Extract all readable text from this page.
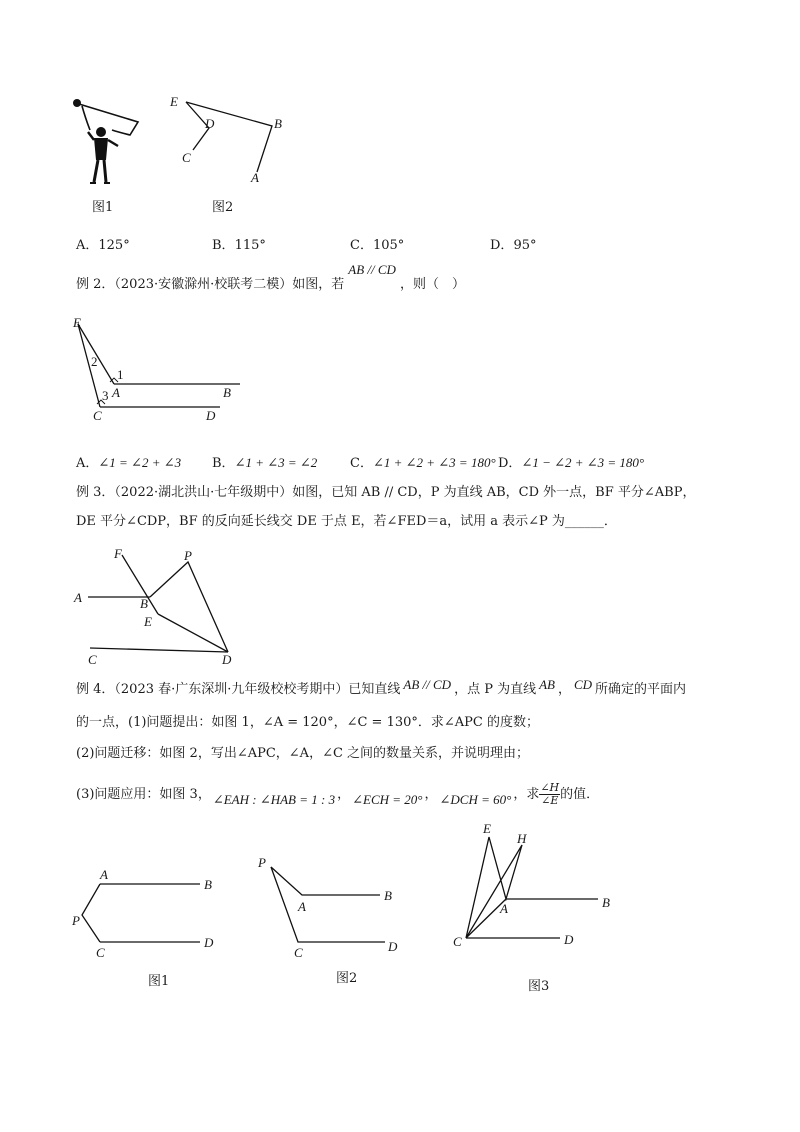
E
D	B
C
A
图1	图2
A．125°	B．115°	C．105°	D．95°
例 2．（2023·安徽滁州·校联考二模）如图，若AB // CD，则（　）
E
2
1
A	B
3
C	D
A．∠1 = ∠2 + ∠3 B．∠1 + ∠3 = ∠2	C．∠1 + ∠2 + ∠3 = 180° D．∠1 − ∠2 + ∠3 = 180°
例 3．（2022·湖北洪山·七年级期中）如图，已知 AB // CD，P 为直线 AB，CD 外一点，BF 平分∠ABP，
DE 平分∠CDP，BF 的反向延长线交 DE 于点 E，若∠FED＝a，试用 a 表示∠P 为______．
F	P
A	B
E
C	D
例 4．（2023 春·广东深圳·九年级校校考期中）已知直线 AB // CD ，点 P 为直线 AB ， CD 所确定的平面内
的一点，(1)问题提出：如图 1，∠A = 120°，∠C = 130°．求∠APC 的度数；
(2)问题迁移：如图 2，写出∠APC，∠A，∠C 之间的数量关系，并说明理由；
(3)问题应用：如图 3， ∠EAH : ∠HAB = 1 : 3 ， ∠ECH = 20° ， ∠DCH = 60° ，求 $\frac{\angle H}{\angle E}$ 的值．
A
B
P
C
D
图1
P
A
B
C	D
图2
E
H
A	B
C	D
图3
